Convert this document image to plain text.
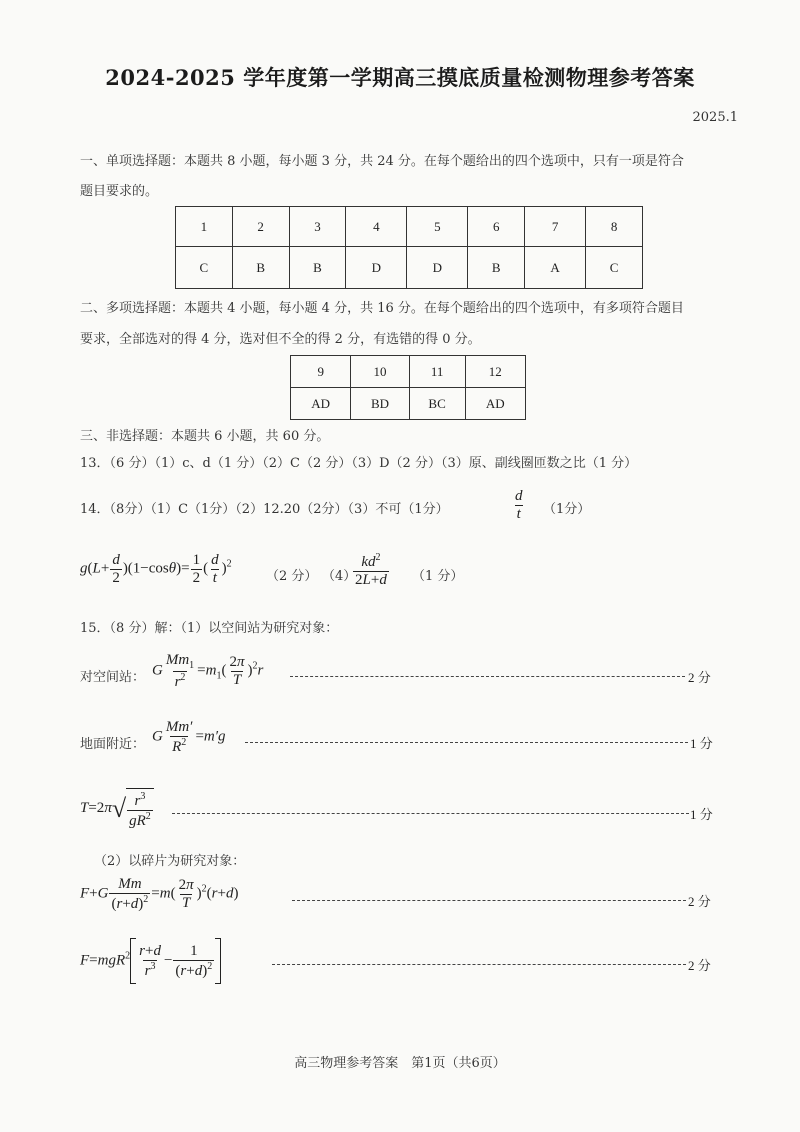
2024-2025 学年度第一学期高三摸底质量检测物理参考答案
2025.1
一、单项选择题：本题共 8 小题，每小题 3 分，共 24 分。在每个题给出的四个选项中，只有一项是符合
题目要求的。
1	2	3	4	5	6	7	8
C	B	B	D	D	B	A	C
二、多项选择题：本题共 4 小题，每小题 4 分，共 16 分。在每个题给出的四个选项中，有多项符合题目
要求，全部选对的得 4 分，选对但不全的得 2 分，有选错的得 0 分。
9	10	11	12
AD	BD	BC	AD
三、非选择题：本题共 6 小题，共 60 分。
13．（6 分）（1）c、d（1 分）（2）C（2 分）（3）D（2 分）（3）原、副线圈匝数之比（1 分）
14．（8分）（1）C（1分）（2）12.20（2分）（3）不可（1分）	$\frac{d}{t} (1$分）
$g(L+ \frac{d}{2} )(1-\cos\theta)= \frac{1}{2}$ ( $\frac{d}{t} )^2$
（2 分） （4）
$\frac{kd^2}{2L+d} (1$ 分）
15．（8 分）解：（1）以空间站为研究对象：
对空间站： G $\frac{Mm_1}{r^2} =m_1( \frac{2\pi}{T} )^2r$	2 分
地面附近：
G $\frac{Mm'}{R^2} =m'g$	1 分
$T=2\pi√ \frac{r^3}{gR^2}$	1 分
（2）以碎片为研究对象：
$F+G \frac{Mm}{(r+d)^2} =m( \frac{2\pi}{T} )^2(r+d)$
2 分
$F=mgR^2 \frac{r+d}{r^3} - \frac{1}{(r+d)^2}$	2 分
高三物理参考答案　第1页（共6页）
